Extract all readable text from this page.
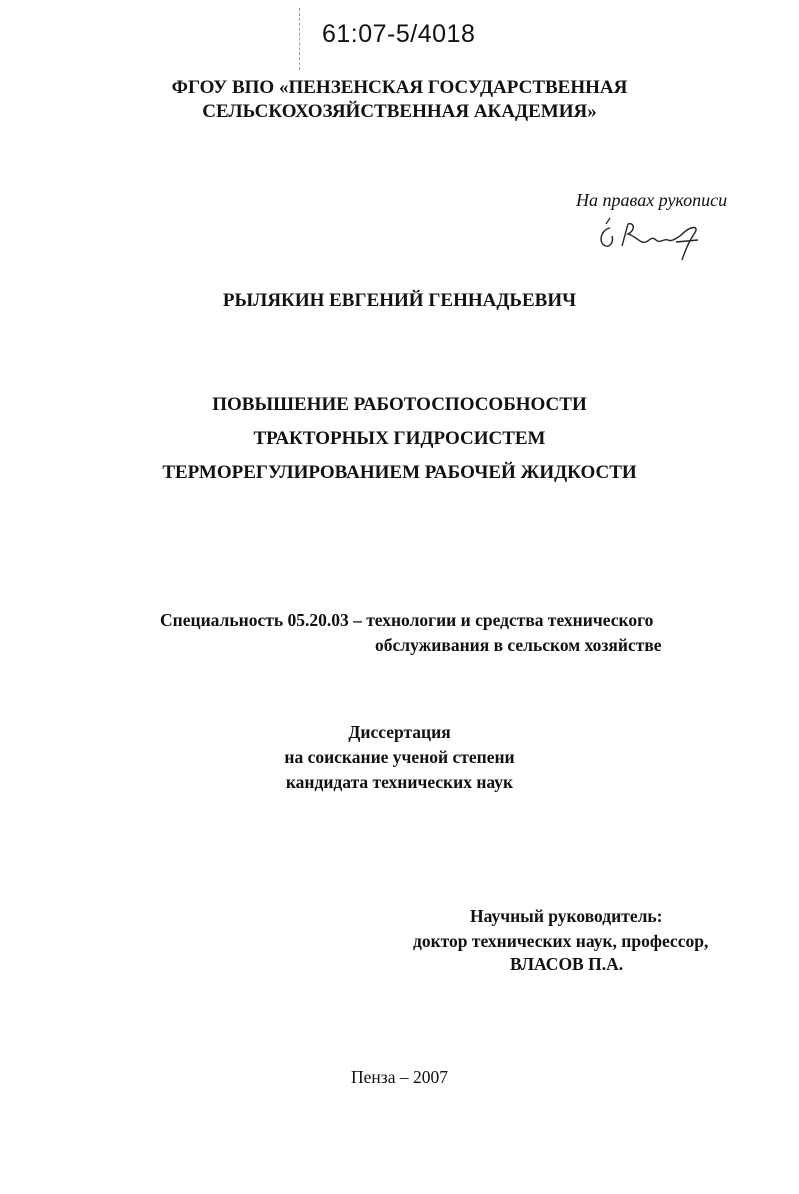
61:07-5/4018
ФГОУ ВПО «ПЕНЗЕНСКАЯ ГОСУДАРСТВЕННАЯ
СЕЛЬСКОХОЗЯЙСТВЕННАЯ АКАДЕМИЯ»
На правах рукописи
РЫЛЯКИН ЕВГЕНИЙ ГЕННАДЬЕВИЧ
ПОВЫШЕНИЕ РАБОТОСПОСОБНОСТИ
ТРАКТОРНЫХ ГИДРОСИСТЕМ
ТЕРМОРЕГУЛИРОВАНИЕМ РАБОЧЕЙ ЖИДКОСТИ
Специальность 05.20.03 – технологии и средства технического
обслуживания в сельском хозяйстве
Диссертация
на соискание ученой степени
кандидата технических наук
Научный руководитель:
доктор технических наук, профессор,
ВЛАСОВ П.А.
Пенза – 2007
